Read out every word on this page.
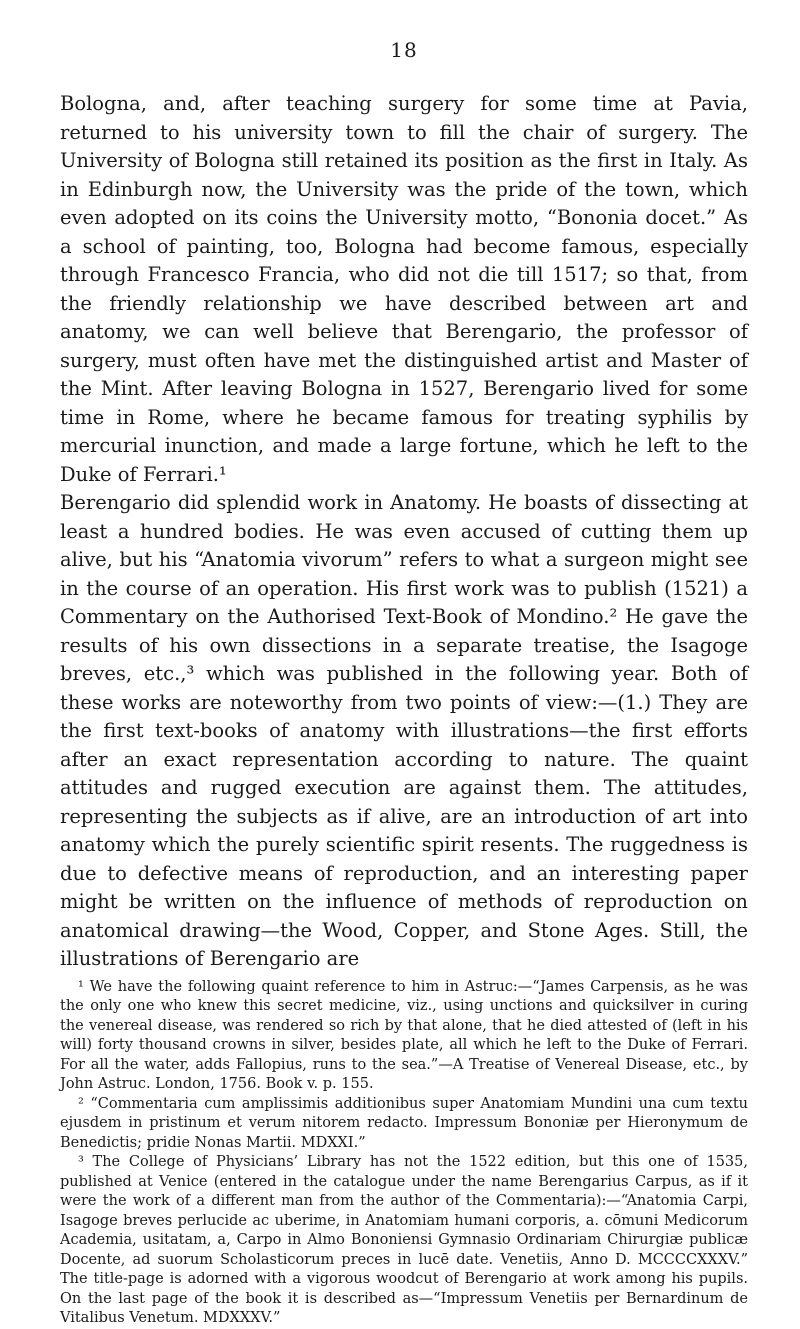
18

Bologna, and, after teaching surgery for some time at Pavia, returned to his university town to fill the chair of surgery. The University of Bologna still retained its position as the first in Italy. As in Edinburgh now, the University was the pride of the town, which even adopted on its coins the University motto, “Bononia docet.” As a school of painting, too, Bologna had become famous, especially through Francesco Francia, who did not die till 1517; so that, from the friendly relationship we have described between art and anatomy, we can well believe that Berengario, the professor of surgery, must often have met the distinguished artist and Master of the Mint. After leaving Bologna in 1527, Berengario lived for some time in Rome, where he became famous for treating syphilis by mercurial inunction, and made a large fortune, which he left to the Duke of Ferrari.¹

Berengario did splendid work in Anatomy. He boasts of dissecting at least a hundred bodies. He was even accused of cutting them up alive, but his “Anatomia vivorum” refers to what a surgeon might see in the course of an operation. His first work was to publish (1521) a Commentary on the Authorised Text-Book of Mondino.² He gave the results of his own dissections in a separate treatise, the Isagoge breves, etc.,³ which was published in the following year. Both of these works are noteworthy from two points of view:—(1.) They are the first text-books of anatomy with illustrations—the first efforts after an exact representation according to nature. The quaint attitudes and rugged execution are against them. The attitudes, representing the subjects as if alive, are an introduction of art into anatomy which the purely scientific spirit resents. The ruggedness is due to defective means of reproduction, and an interesting paper might be written on the influence of methods of reproduction on anatomical drawing—the Wood, Copper, and Stone Ages. Still, the illustrations of Berengario are

¹ We have the following quaint reference to him in Astruc:—“James Carpensis, as he was the only one who knew this secret medicine, viz., using unctions and quicksilver in curing the venereal disease, was rendered so rich by that alone, that he died attested of (left in his will) forty thousand crowns in silver, besides plate, all which he left to the Duke of Ferrari. For all the water, adds Fallopius, runs to the sea.”—A Treatise of Venereal Disease, etc., by John Astruc. London, 1756. Book v. p. 155.

² “Commentaria cum amplissimis additionibus super Anatomiam Mundini una cum textu ejusdem in pristinum et verum nitorem redacto. Impressum Bononiæ per Hieronymum de Benedictis; pridie Nonas Martii. MDXXI.”

³ The College of Physicians’ Library has not the 1522 edition, but this one of 1535, published at Venice (entered in the catalogue under the name Berengarius Carpus, as if it were the work of a different man from the author of the Commentaria):—“Anatomia Carpi, Isagoge breves perlucide ac uberime, in Anatomiam humani corporis, a. cōmuni Medicorum Academia, usitatam, a, Carpo in Almo Bononiensi Gymnasio Ordinariam Chirurgiæ publicæ Docente, ad suorum Scholasticorum preces in lucē date. Venetiis, Anno D. MCCCCXXXV.” The title-page is adorned with a vigorous woodcut of Berengario at work among his pupils. On the last page of the book it is described as—“Impressum Venetiis per Bernardinum de Vitalibus Venetum. MDXXXV.”
